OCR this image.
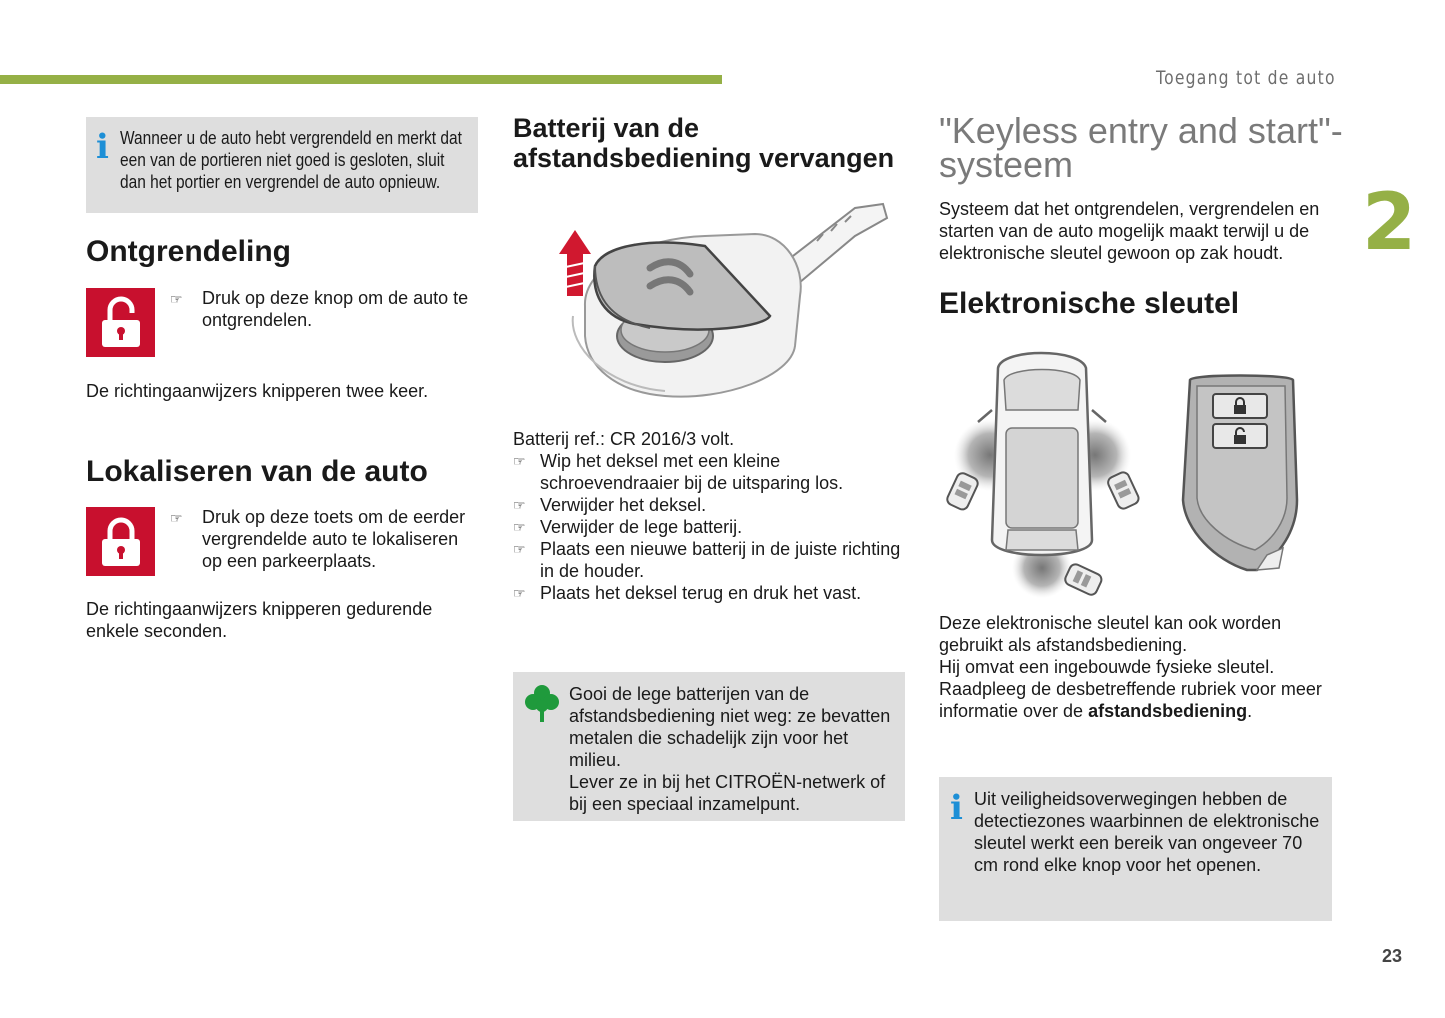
Toegang tot de auto
2
23
i Wanneer u de auto hebt vergrendeld en merkt dat een van de portieren niet goed is gesloten, sluit dan het portier en vergrendel de auto opnieuw.
Ontgrendeling
☞ Druk op deze knop om de auto te ontgrendelen.
De richtingaanwijzers knipperen twee keer.
Lokaliseren van de auto
☞ Druk op deze toets om de eerder vergrendelde auto te lokaliseren op een parkeerplaats.
De richtingaanwijzers knipperen gedurende enkele seconden.
Batterij van de
afstandsbediening vervangen
Batterij ref.: CR 2016/3 volt.
☞ Wip het deksel met een kleine schroevendraaier bij de uitsparing los.
☞ Verwijder het deksel.
☞ Verwijder de lege batterij.
☞ Plaats een nieuwe batterij in de juiste richting in de houder.
☞ Plaats het deksel terug en druk het vast.
Gooi de lege batterijen van de afstandsbediening niet weg: ze bevatten metalen die schadelijk zijn voor het milieu.
Lever ze in bij het CITROËN-netwerk of bij een speciaal inzamelpunt.
"Keyless entry and start"-
systeem
Systeem dat het ontgrendelen, vergrendelen en starten van de auto mogelijk maakt terwijl u de elektronische sleutel gewoon op zak houdt.
Elektronische sleutel
Deze elektronische sleutel kan ook worden gebruikt als afstandsbediening.
Hij omvat een ingebouwde fysieke sleutel.
Raadpleeg de desbetreffende rubriek voor meer informatie over de afstandsbediening.
i Uit veiligheidsoverwegingen hebben de detectiezones waarbinnen de elektronische sleutel werkt een bereik van ongeveer 70 cm rond elke knop voor het openen.
